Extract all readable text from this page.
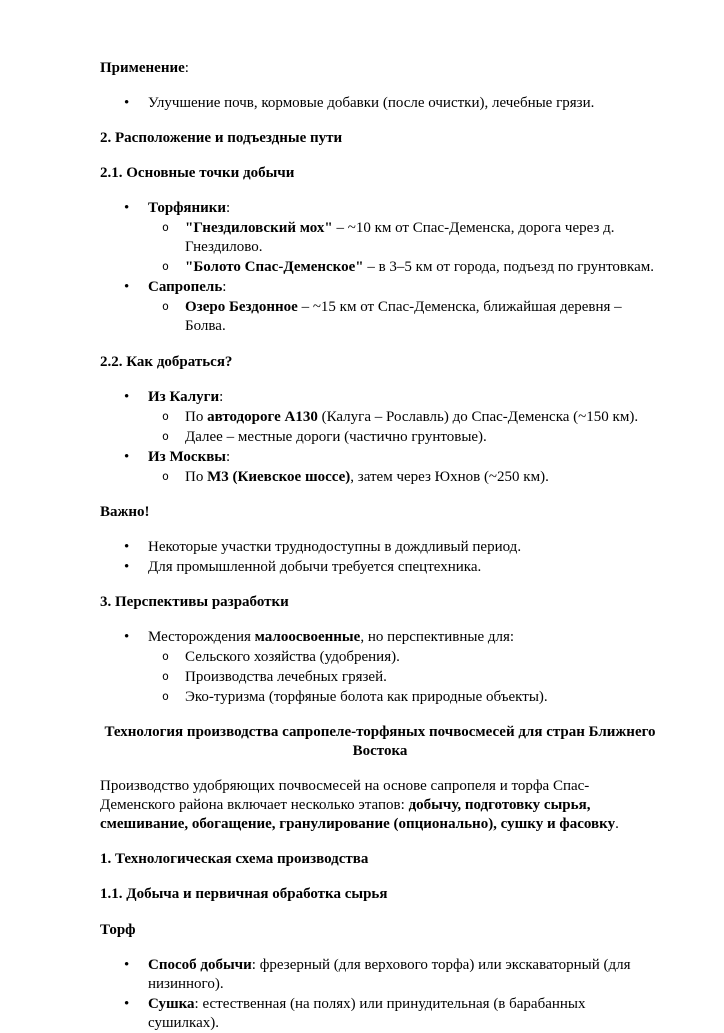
Применение:

• Улучшение почв, кормовые добавки (после очистки), лечебные грязи.

2. Расположение и подъездные пути

2.1. Основные точки добычи

• Торфяники:
o "Гнездиловский мох" – ~10 км от Спас-Деменска, дорога через д. Гнездилово.
o "Болото Спас-Деменское" – в 3–5 км от города, подъезд по грунтовкам.
• Сапропель:
o Озеро Бездонное – ~15 км от Спас-Деменска, ближайшая деревня – Болва.

2.2. Как добраться?

• Из Калуги:
o По автодороге А130 (Калуга – Рославль) до Спас-Деменска (~150 км).
o Далее – местные дороги (частично грунтовые).
• Из Москвы:
o По М3 (Киевское шоссе), затем через Юхнов (~250 км).

Важно!

• Некоторые участки труднодоступны в дождливый период.
• Для промышленной добычи требуется спецтехника.

3. Перспективы разработки

• Месторождения малоосвоенные, но перспективные для:
o Сельского хозяйства (удобрения).
o Производства лечебных грязей.
o Эко-туризма (торфяные болота как природные объекты).

Технология производства сапропеле-торфяных почвосмесей для стран Ближнего Востока

Производство удобряющих почвосмесей на основе сапропеля и торфа Спас-Деменского района включает несколько этапов: добычу, подготовку сырья, смешивание, обогащение, гранулирование (опционально), сушку и фасовку.

1. Технологическая схема производства

1.1. Добыча и первичная обработка сырья

Торф

• Способ добычи: фрезерный (для верхового торфа) или экскаваторный (для низинного).
• Сушка: естественная (на полях) или принудительная (в барабанных сушилках).
